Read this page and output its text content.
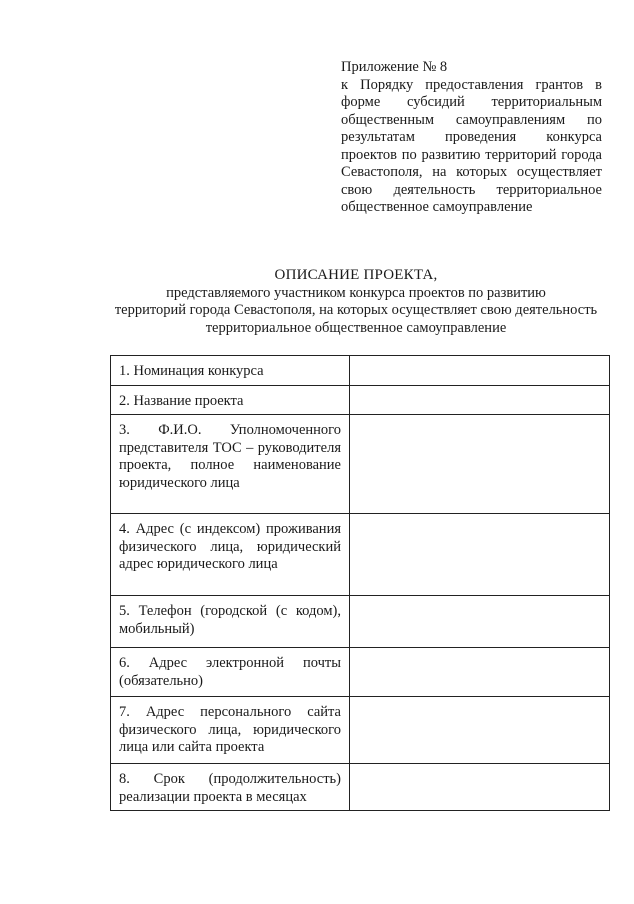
Приложение № 8
к Порядку предоставления грантов в форме субсидий территориальным общественным самоуправлениям по результатам проведения конкурса проектов по развитию территорий города Севастополя, на которых осуществляет свою деятельность территориальное общественное самоуправление
ОПИСАНИЕ ПРОЕКТА,
представляемого участником конкурса проектов по развитию
территорий города Севастополя, на которых осуществляет свою деятельность
территориальное общественное самоуправление
1. Номинация конкурса	
2. Название проекта	
3. Ф.И.О. Уполномоченного представителя ТОС – руководителя проекта, полное наименование юридического лица	
4. Адрес (с индексом) проживания физического лица, юридический адрес юридического лица	
5. Телефон (городской (с кодом), мобильный)	
6. Адрес электронной почты (обязательно)	
7. Адрес персонального сайта физического лица, юридического лица или сайта проекта	
8. Срок (продолжительность) реализации проекта в месяцах	
